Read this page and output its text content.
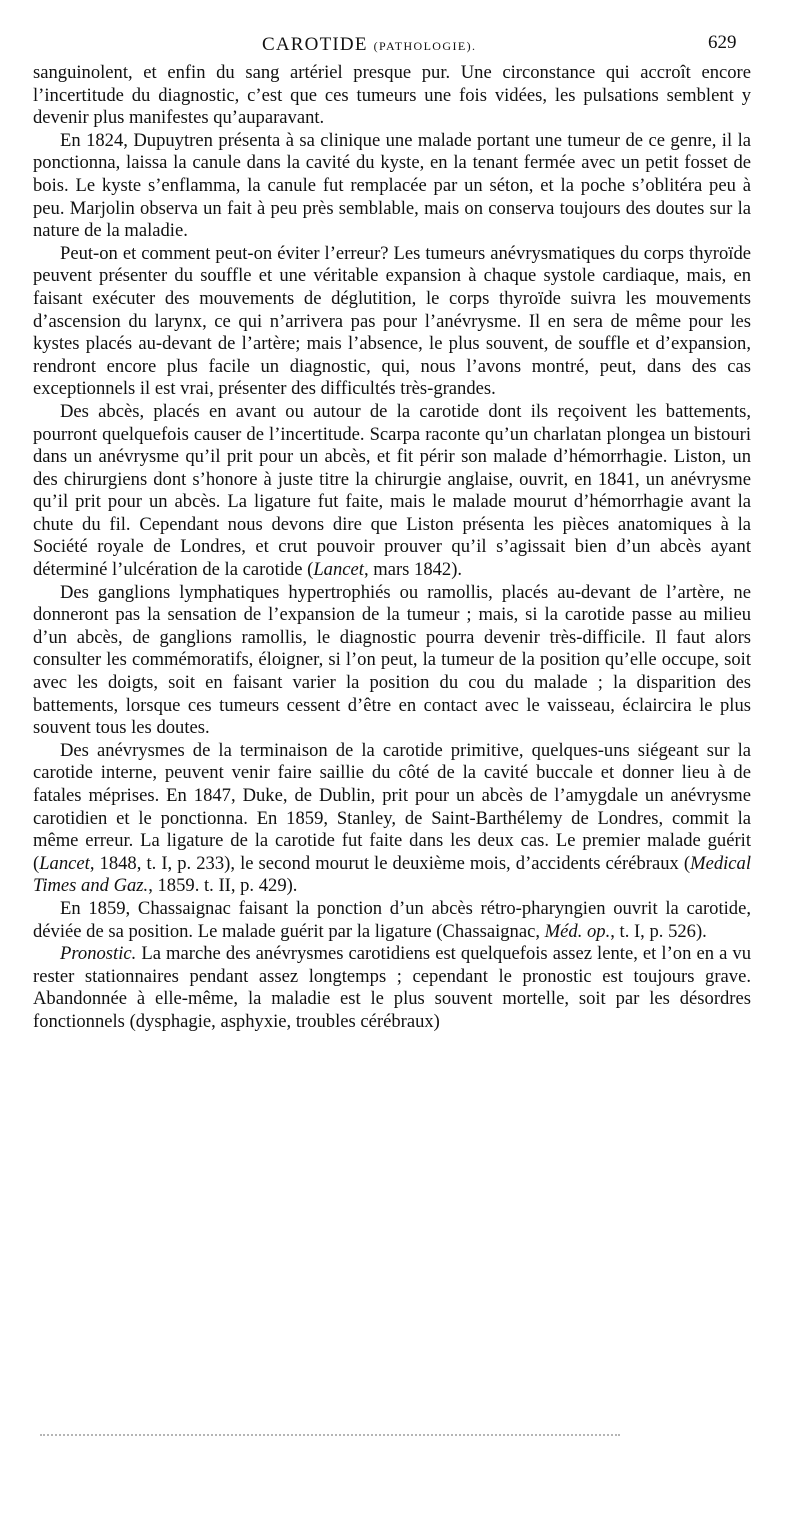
CAROTIDE (PATHOLOGIE).	629

sanguinolent, et enfin du sang artériel presque pur. Une circonstance qui accroît encore l’incertitude du diagnostic, c’est que ces tumeurs une fois vidées, les pulsations semblent y devenir plus manifestes qu’auparavant.

En 1824, Dupuytren présenta à sa clinique une malade portant une tumeur de ce genre, il la ponctionna, laissa la canule dans la cavité du kyste, en la tenant fermée avec un petit fosset de bois. Le kyste s’enflamma, la canule fut remplacée par un séton, et la poche s’oblitéra peu à peu. Marjolin observa un fait à peu près semblable, mais on conserva toujours des doutes sur la nature de la maladie.

Peut-on et comment peut-on éviter l’erreur? Les tumeurs anévrysmatiques du corps thyroïde peuvent présenter du souffle et une véritable expansion à chaque systole cardiaque, mais, en faisant exécuter des mouvements de déglutition, le corps thyroïde suivra les mouvements d’ascension du larynx, ce qui n’arrivera pas pour l’anévrysme. Il en sera de même pour les kystes placés au-devant de l’artère; mais l’absence, le plus souvent, de souffle et d’expansion, rendront encore plus facile un diagnostic, qui, nous l’avons montré, peut, dans des cas exceptionnels il est vrai, présenter des difficultés très-grandes.

Des abcès, placés en avant ou autour de la carotide dont ils reçoivent les battements, pourront quelquefois causer de l’incertitude. Scarpa raconte qu’un charlatan plongea un bistouri dans un anévrysme qu’il prit pour un abcès, et fit périr son malade d’hémorrhagie. Liston, un des chirurgiens dont s’honore à juste titre la chirurgie anglaise, ouvrit, en 1841, un anévrysme qu’il prit pour un abcès. La ligature fut faite, mais le malade mourut d’hémorrhagie avant la chute du fil. Cependant nous devons dire que Liston présenta les pièces anatomiques à la Société royale de Londres, et crut pouvoir prouver qu’il s’agissait bien d’un abcès ayant déterminé l’ulcération de la carotide (Lancet, mars 1842).

Des ganglions lymphatiques hypertrophiés ou ramollis, placés au-devant de l’artère, ne donneront pas la sensation de l’expansion de la tumeur ; mais, si la carotide passe au milieu d’un abcès, de ganglions ramollis, le diagnostic pourra devenir très-difficile. Il faut alors consulter les commémoratifs, éloigner, si l’on peut, la tumeur de la position qu’elle occupe, soit avec les doigts, soit en faisant varier la position du cou du malade ; la disparition des battements, lorsque ces tumeurs cessent d’être en contact avec le vaisseau, éclaircira le plus souvent tous les doutes.

Des anévrysmes de la terminaison de la carotide primitive, quelques-uns siégeant sur la carotide interne, peuvent venir faire saillie du côté de la cavité buccale et donner lieu à de fatales méprises. En 1847, Duke, de Dublin, prit pour un abcès de l’amygdale un anévrysme carotidien et le ponctionna. En 1859, Stanley, de Saint-Barthélemy de Londres, commit la même erreur. La ligature de la carotide fut faite dans les deux cas. Le premier malade guérit (Lancet, 1848, t. I, p. 233), le second mourut le deuxième mois, d’accidents cérébraux (Medical Times and Gaz., 1859. t. II, p. 429).

En 1859, Chassaignac faisant la ponction d’un abcès rétro-pharyngien ouvrit la carotide, déviée de sa position. Le malade guérit par la ligature (Chassaignac, Méd. op., t. I, p. 526).

Pronostic. La marche des anévrysmes carotidiens est quelquefois assez lente, et l’on en a vu rester stationnaires pendant assez longtemps ; cependant le pronostic est toujours grave. Abandonnée à elle-même, la maladie est le plus souvent mortelle, soit par les désordres fonctionnels (dysphagie, asphyxie, troubles cérébraux)
